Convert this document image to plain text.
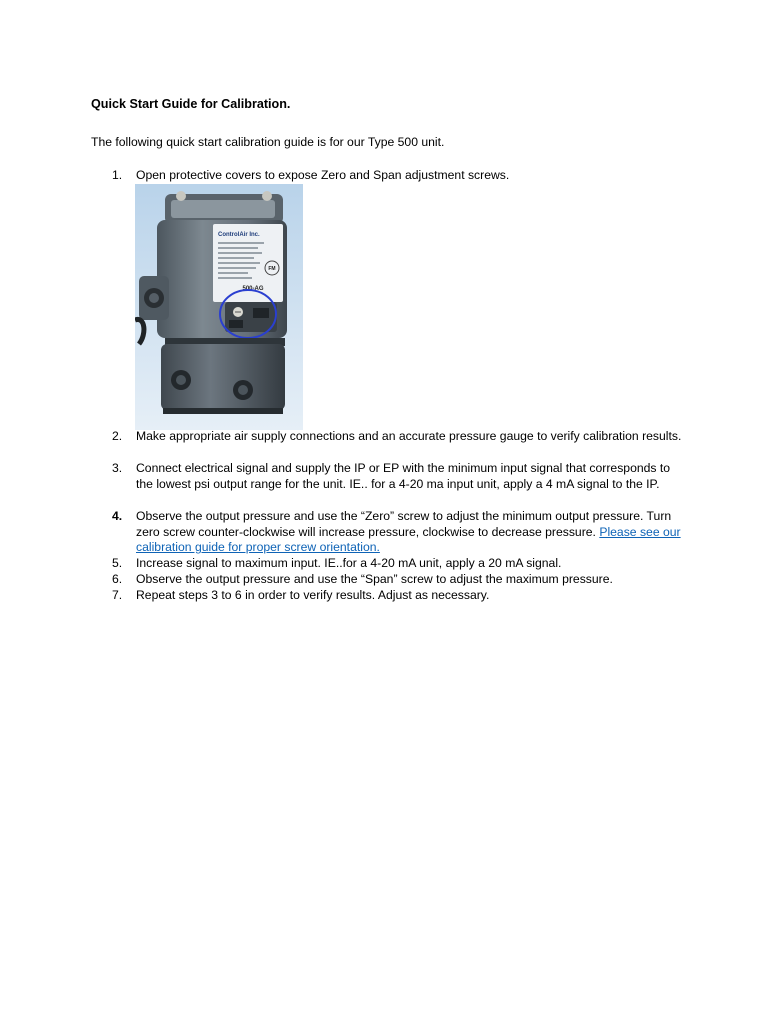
Quick Start Guide for Calibration.
The following quick start calibration guide is for our Type 500 unit.
1.	Open protective covers to expose Zero and Span adjustment screws.
ControlAir Inc.
FM
500-AG
2.	Make appropriate air supply connections and an accurate pressure gauge to verify calibration results.
3.	Connect electrical signal and supply the IP or EP with the minimum input signal that corresponds to the lowest psi output range for the unit. IE.. for a 4-20 ma input unit, apply a 4 mA signal to the IP.
4.	Observe the output pressure and use the “Zero” screw to adjust the minimum output pressure. Turn zero screw counter-clockwise will increase pressure, clockwise to decrease pressure. Please see our calibration guide for proper screw orientation.
5.	Increase signal to maximum input. IE..for a 4-20 mA unit, apply a 20 mA signal.
6.	Observe the output pressure and use the “Span” screw to adjust the maximum pressure.
7.	Repeat steps 3 to 6 in order to verify results. Adjust as necessary.
